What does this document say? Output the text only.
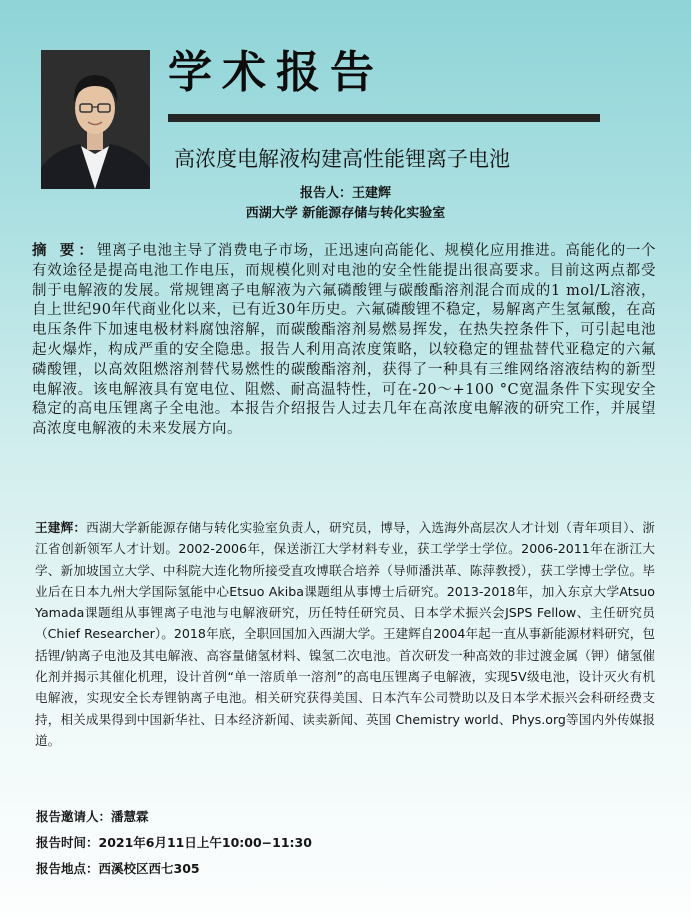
学术报告
高浓度电解液构建高性能锂离子电池
报告人：王建辉
西湖大学 新能源存储与转化实验室
摘 要：锂离子电池主导了消费电子市场，正迅速向高能化、规模化应用推进。高能化的一个有效途径是提高电池工作电压，而规模化则对电池的安全性能提出很高要求。目前这两点都受制于电解液的发展。常规锂离子电解液为六氟磷酸锂与碳酸酯溶剂混合而成的1 mol/L溶液，自上世纪90年代商业化以来，已有近30年历史。六氟磷酸锂不稳定，易解离产生氢氟酸，在高电压条件下加速电极材料腐蚀溶解，而碳酸酯溶剂易燃易挥发，在热失控条件下，可引起电池起火爆炸，构成严重的安全隐患。报告人利用高浓度策略，以较稳定的锂盐替代亚稳定的六氟磷酸锂，以高效阻燃溶剂替代易燃性的碳酸酯溶剂，获得了一种具有三维网络溶液结构的新型电解液。该电解液具有宽电位、阻燃、耐高温特性，可在-20～+100 °C宽温条件下实现安全稳定的高电压锂离子全电池。本报告介绍报告人过去几年在高浓度电解液的研究工作，并展望高浓度电解液的未来发展方向。
王建辉：西湖大学新能源存储与转化实验室负责人，研究员，博导，入选海外高层次人才计划（青年项目）、浙江省创新领军人才计划。2002-2006年，保送浙江大学材料专业，获工学学士学位。2006-2011年在浙江大学、新加坡国立大学、中科院大连化物所接受直攻博联合培养（导师潘洪革、陈萍教授），获工学博士学位。毕业后在日本九州大学国际氢能中心Etsuo Akiba课题组从事博士后研究。2013-2018年，加入东京大学Atsuo Yamada课题组从事锂离子电池与电解液研究，历任特任研究员、日本学术振兴会JSPS Fellow、主任研究员（Chief Researcher）。2018年底，全职回国加入西湖大学。王建辉自2004年起一直从事新能源材料研究，包括锂/钠离子电池及其电解液、高容量储氢材料、镍氢二次电池。首次研发一种高效的非过渡金属（钾）储氢催化剂并揭示其催化机理，设计首例“单一溶质单一溶剂”的高电压锂离子电解液，实现5V级电池，设计灭火有机电解液，实现安全长寿锂钠离子电池。相关研究获得美国、日本汽车公司赞助以及日本学术振兴会科研经费支持，相关成果得到中国新华社、日本经济新闻、读卖新闻、英国 Chemistry world、Phys.org等国内外传媒报道。
报告邀请人：潘慧霖
报告时间：2021年6月11日上午10:00−11:30
报告地点：西溪校区西七305
